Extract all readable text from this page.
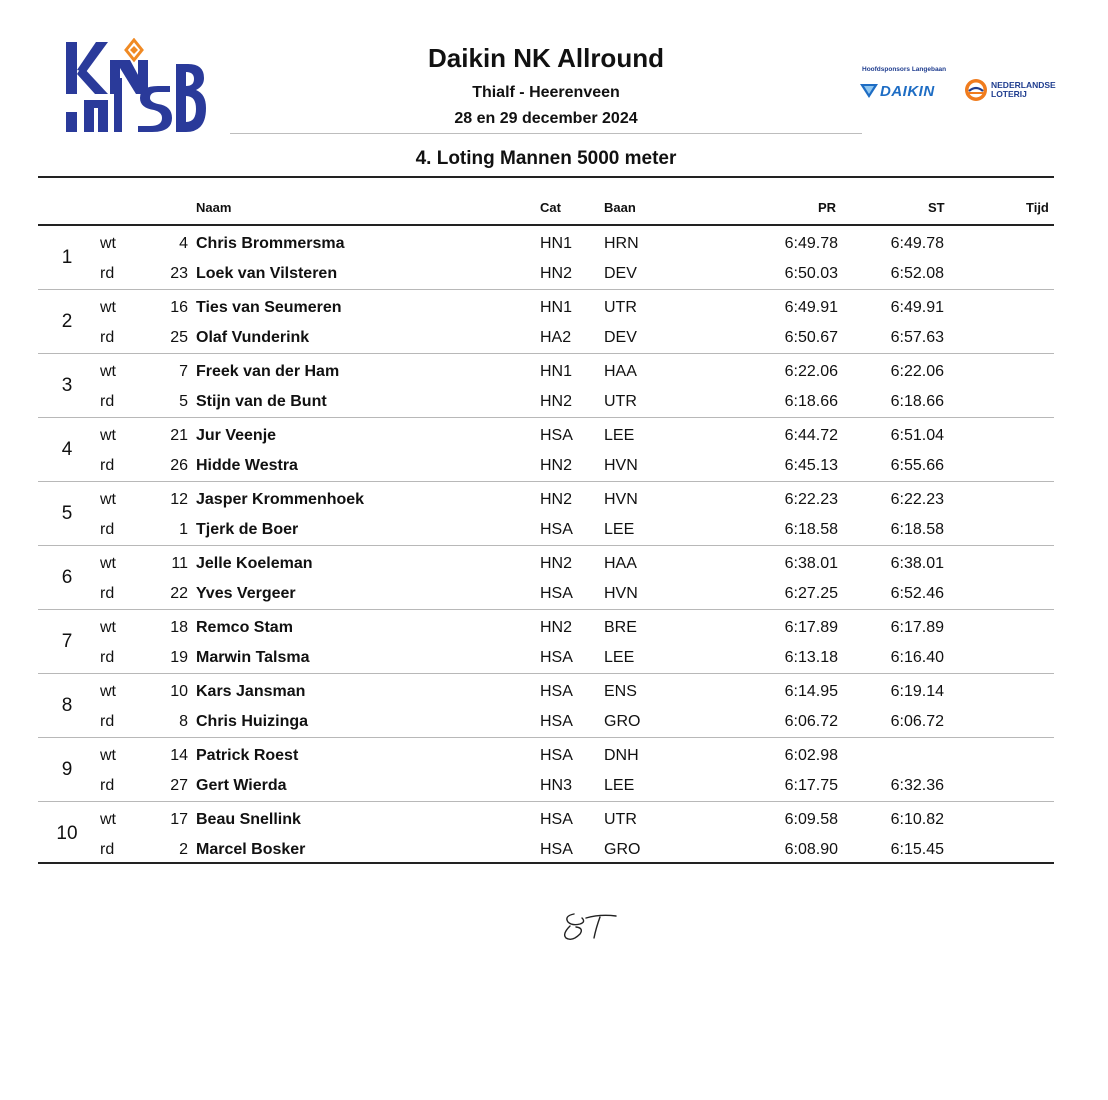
Daikin NK Allround
Thialf - Heerenveen
28 en 29 december 2024
Hoofdsponsors Langebaan
DAIKIN	NEDERLANDSE
LOTERIJ
4. Loting Mannen 5000 meter
Naam	Cat	Baan	PR	ST	Tijd
1
wt	4 Chris Brommersma	HN1 HRN	6:49.78	6:49.78
rd	23 Loek van Vilsteren	HN2 DEV	6:50.03	6:52.08
2
wt	16 Ties van Seumeren	HN1 UTR	6:49.91	6:49.91
rd	25 Olaf Vunderink	HA2 DEV	6:50.67	6:57.63
3
wt	7 Freek van der Ham	HN1 HAA	6:22.06	6:22.06
rd	5 Stijn van de Bunt	HN2 UTR	6:18.66	6:18.66
4
wt	21 Jur Veenje	HSA LEE	6:44.72	6:51.04
rd	26 Hidde Westra	HN2 HVN	6:45.13	6:55.66
5
wt	12 Jasper Krommenhoek	HN2 HVN	6:22.23	6:22.23
rd	1 Tjerk de Boer	HSA LEE	6:18.58	6:18.58
6
wt	11 Jelle Koeleman	HN2 HAA	6:38.01	6:38.01
rd	22 Yves Vergeer	HSA HVN	6:27.25	6:52.46
7
wt	18 Remco Stam	HN2 BRE	6:17.89	6:17.89
rd	19 Marwin Talsma	HSA LEE	6:13.18	6:16.40
8
wt	10 Kars Jansman	HSA ENS	6:14.95	6:19.14
rd	8 Chris Huizinga	HSA GRO	6:06.72	6:06.72
9
wt	14 Patrick Roest	HSA DNH	6:02.98
rd	27 Gert Wierda	HN3 LEE	6:17.75	6:32.36
10
wt	17 Beau Snellink	HSA UTR	6:09.58	6:10.82
rd	2 Marcel Bosker	HSA GRO	6:08.90	6:15.45
